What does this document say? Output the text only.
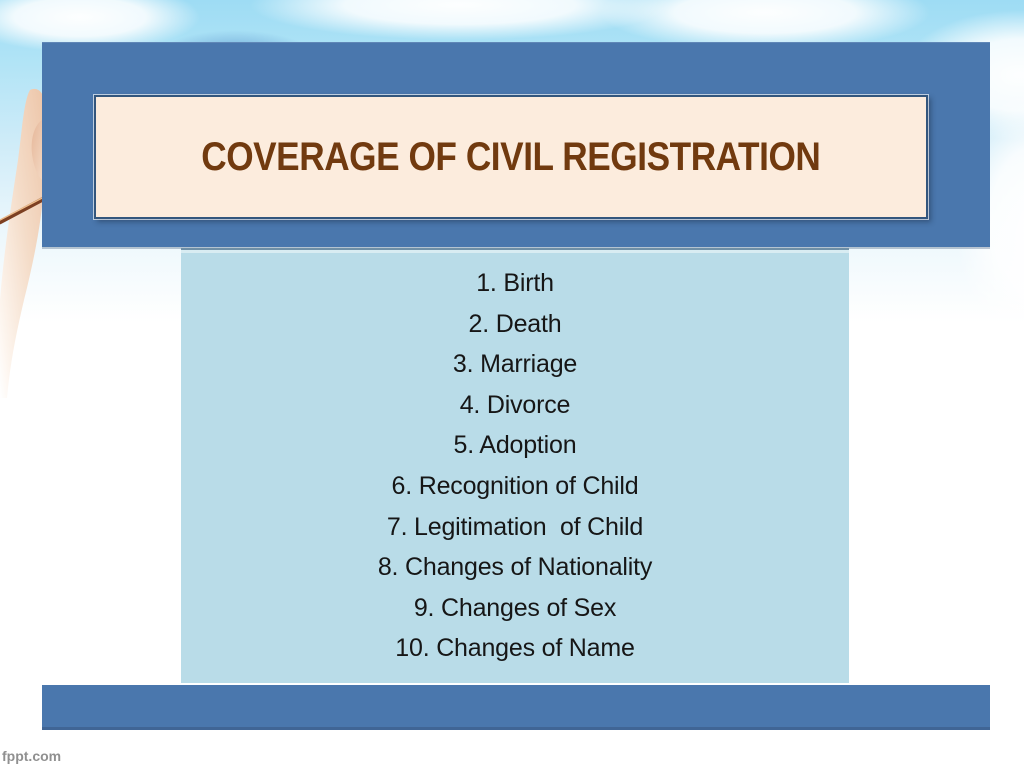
COVERAGE OF CIVIL REGISTRATION
1. Birth
2. Death
3. Marriage
4. Divorce
5. Adoption
6. Recognition of Child
7. Legitimation  of Child
8. Changes of Nationality
9. Changes of Sex
10. Changes of Name
fppt.com
